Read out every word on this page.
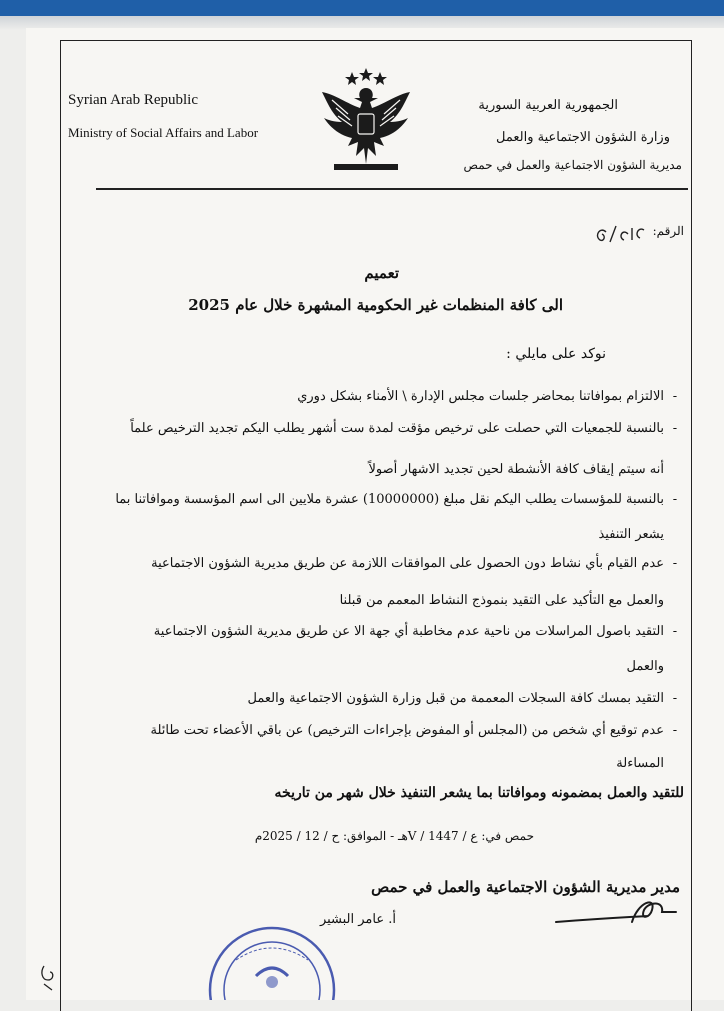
Syrian Arab Republic
Ministry of Social Affairs and Labor
الجمهورية العربية السورية
وزارة الشؤون الاجتماعية والعمل
مديرية الشؤون الاجتماعية والعمل في حمص
الرقم:
تعميم
الى كافة المنظمات غير الحكومية المشهرة خلال عام 2025
نوكد على مايلي :
-الالتزام بموافاتنا بمحاضر جلسات مجلس الإدارة \ الأمناء بشكل دوري
-بالنسبة للجمعيات التي حصلت على ترخيص مؤقت لمدة ست أشهر يطلب اليكم تجديد الترخيص علماً
أنه سيتم إيقاف كافة الأنشطة لحين تجديد الاشهار أصولاً
-بالنسبة للمؤسسات يطلب اليكم نقل مبلغ (10000000) عشرة ملايين الى اسم المؤسسة وموافاتنا بما
يشعر التنفيذ
-عدم القيام بأي نشاط دون الحصول على الموافقات اللازمة عن طريق مديرية الشؤون الاجتماعية
والعمل مع التأكيد على التقيد بنموذج النشاط المعمم من قبلنا
-التقيد باصول المراسلات من ناحية عدم مخاطبة أي جهة الا عن طريق مديرية الشؤون الاجتماعية
والعمل
-التقيد بمسك كافة السجلات المعممة من قبل وزارة الشؤون الاجتماعية والعمل
-عدم توقيع أي شخص من (المجلس أو المفوض بإجراءات الترخيص) عن باقي الأعضاء تحت طائلة
المساءلة
للتقيد والعمل بمضمونه وموافاتنا بما يشعر التنفيذ خلال شهر من تاريخه
حمص في: ع / V / 1447هـ - الموافق: ح / 12 / 2025م
مدير مديرية الشؤون الاجتماعية والعمل في حمص
أ. عامر البشير
